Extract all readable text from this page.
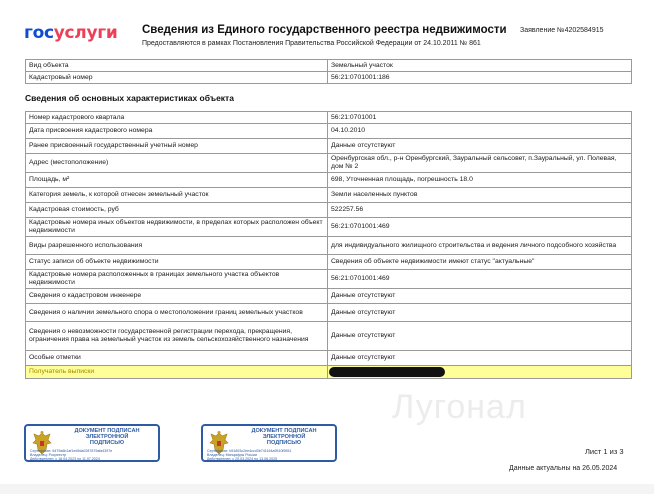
госуслуги Сведения из Единого государственного реестра недвижимости
Предоставляются в рамках Постановления Правительства Российской Федерации от 24.10.2011 № 861
Заявление №4202584915
Вид объекта	Земельный участок
Кадастровый номер	56:21:0701001:186
Сведения об основных характеристиках объекта
Номер кадастрового квартала	56:21:0701001
Дата присвоения кадастрового номера	04.10.2010
Ранее присвоенный государственный учетный номер	Данные отсутствуют
Адрес (местоположение)	Оренбургская обл., р-н Оренбургский, Зауральный сельсовет, п.Зауральный, ул. Полевая, дом № 2
Площадь, м²	698, Уточненная площадь, погрешность 18.0
Категория земель, к которой отнесен земельный участок	Земли населенных пунктов
Кадастровая стоимость, руб	522257.56
Кадастровые номера иных объектов недвижимости, в пределах которых расположен объект недвижимости	56:21:0701001:469
Виды разрешенного использования	для индивидуального жилищного строительства и ведения личного подсобного хозяйства
Статус записи об объекте недвижимости	Сведения об объекте недвижимости имеют статус "актуальные"
Кадастровые номера расположенных в границах земельного участка объектов недвижимости	56:21:0701001:469
Сведения о кадастровом инженере	Данные отсутствуют
Сведения о наличии земельного спора о местоположении границ земельных участков	Данные отсутствуют
Сведения о невозможности государственной регистрации перехода, прекращения, ограничения права на земельный участок из земель сельскохозяйственного назначения	Данные отсутствуют
Особые отметки	Данные отсутствуют
Получатель выписки	
Лугонал
ДОКУМЕНТ ПОДПИСАН
ЭЛЕКТРОННОЙ
ПОДПИСЬЮ
Сертификат: 6479a6b1af1ed9da0287879afa4397e
Владелец: Росреестр
Действителен: с 18.04.2023 по 11.07.2024
ДОКУМЕНТ ПОДПИСАН
ЭЛЕКТРОННОЙ
ПОДПИСЬЮ
Сертификат: b51893c2ee4ccd3b741164a9510f9551
Владелец: Минцифры России
Действителен: с 20.03.2024 по 13.06.2025
Лист 1 из 3
Данные актуальны на 26.05.2024
